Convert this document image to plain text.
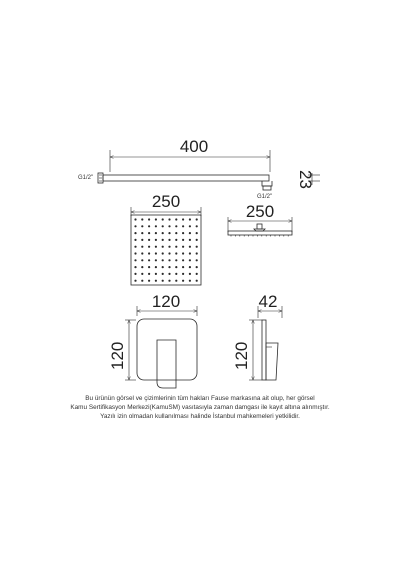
400
G1/2"
G1/2"
23
250
250
120
120
42
120
Bu ürünün görsel ve çizimlerinin tüm hakları Fause markasına ait olup, her görsel
Kamu Sertifikasyon Merkezi(KamuSM) vasıtasıyla zaman damgası ile kayıt altına alınmıştır.
Yazılı izin olmadan kullanılması halinde İstanbul mahkemeleri yetkilidir.
